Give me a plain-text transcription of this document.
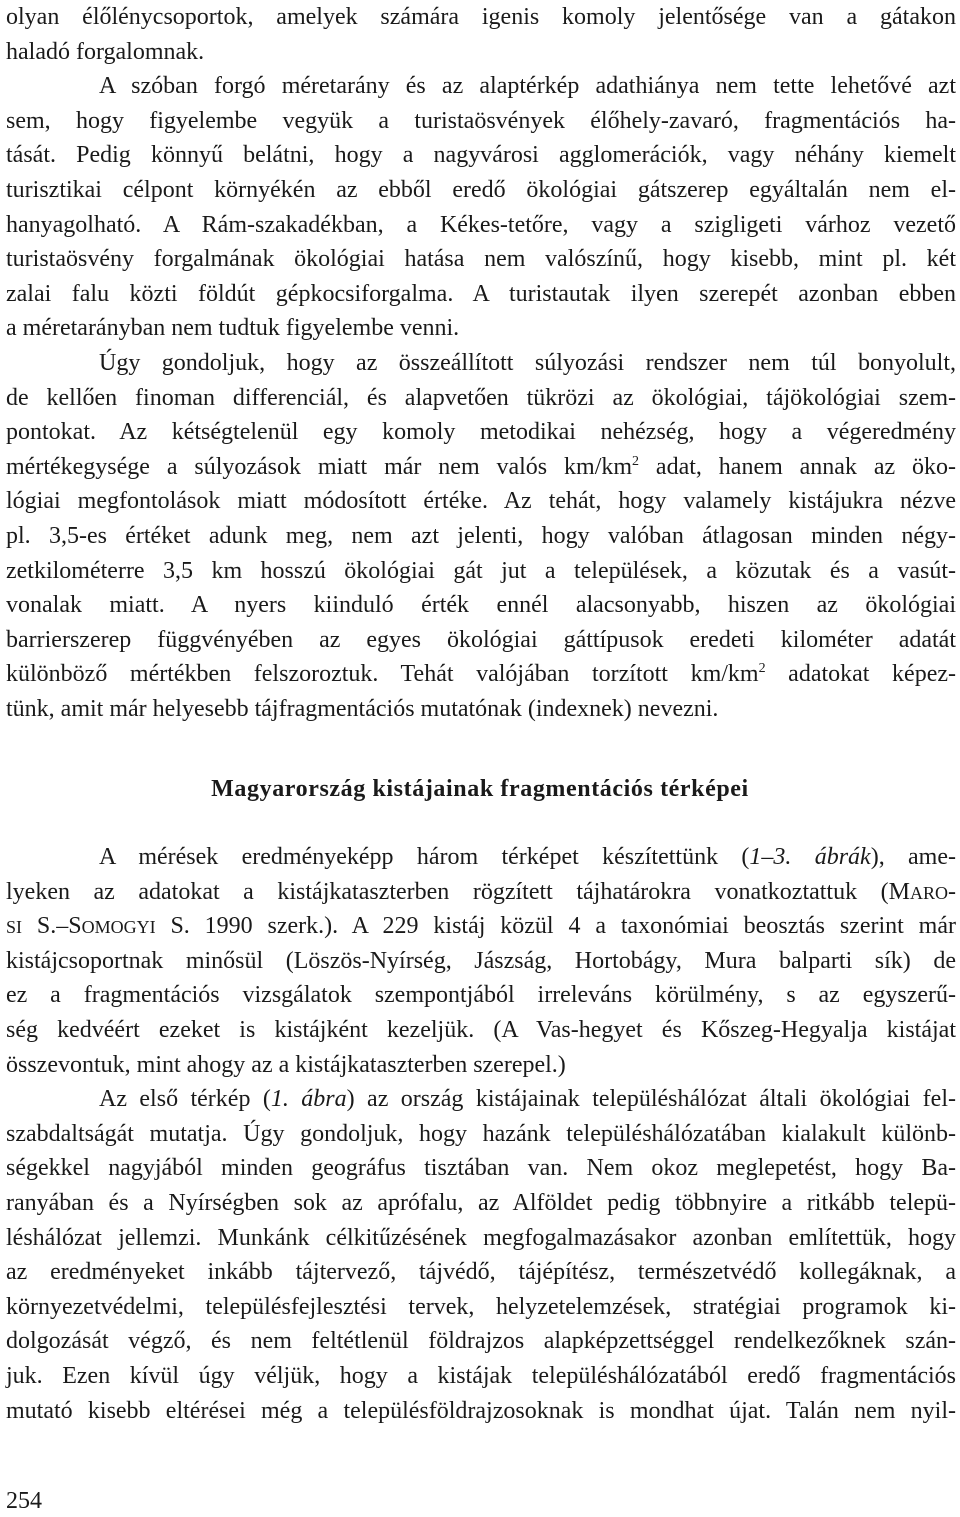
olyan élőlénycsoportok, amelyek számára igenis komoly jelentősége van a gátakon
haladó forgalomnak.
A szóban forgó méretarány és az alaptérkép adathiánya nem tette lehetővé azt
sem, hogy figyelembe vegyük a turistaösvények élőhely-zavaró, fragmentációs ha-
tását. Pedig könnyű belátni, hogy a nagyvárosi agglomerációk, vagy néhány kiemelt
turisztikai célpont környékén az ebből eredő ökológiai gátszerep egyáltalán nem el-
hanyagolható. A Rám-szakadékban, a Kékes-tetőre, vagy a szigligeti várhoz vezető
turistaösvény forgalmának ökológiai hatása nem valószínű, hogy kisebb, mint pl. két
zalai falu közti földút gépkocsiforgalma. A turistautak ilyen szerepét azonban ebben
a méretarányban nem tudtuk figyelembe venni.
Úgy gondoljuk, hogy az összeállított súlyozási rendszer nem túl bonyolult,
de kellően finoman differenciál, és alapvetően tükrözi az ökológiai, tájökológiai szem-
pontokat. Az kétségtelenül egy komoly metodikai nehézség, hogy a végeredmény
mértékegysége a súlyozások miatt már nem valós $km/km^2$ adat, hanem annak az öko-
lógiai megfontolások miatt módosított értéke. Az tehát, hogy valamely kistájukra nézve
pl. 3,5-es értéket adunk meg, nem azt jelenti, hogy valóban átlagosan minden négy-
zetkilométerre 3,5 km hosszú ökológiai gát jut a települések, a közutak és a vasút-
vonalak miatt. A nyers kiinduló érték ennél alacsonyabb, hiszen az ökológiai
barrierszerep függvényében az egyes ökológiai gáttípusok eredeti kilométer adatát
különböző mértékben felszoroztuk. Tehát valójában torzított $km/km^2$ adatokat képez-
tünk, amit már helyesebb tájfragmentációs mutatónak (indexnek) nevezni.
Magyarország kistájainak fragmentációs térképei
A mérések eredményeképp három térképet készítettünk (1–3. ábrák), ame-
lyeken az adatokat a kistájkataszterben rögzített tájhatárokra vonatkoztattuk (MARO-
SI S.–SOMOGYI S. 1990 szerk.). A 229 kistáj közül 4 a taxonómiai beosztás szerint már
kistájcsoportnak minősül (Löszös-Nyírség, Jászság, Hortobágy, Mura balparti sík) de
ez a fragmentációs vizsgálatok szempontjából irreleváns körülmény, s az egyszerű-
ség kedvéért ezeket is kistájként kezeljük. (A Vas-hegyet és Kőszeg-Hegyalja kistájat
összevontuk, mint ahogy az a kistájkataszterben szerepel.)
Az első térkép (1. ábra) az ország kistájainak településhálózat általi ökológiai fel-
szabdaltságát mutatja. Úgy gondoljuk, hogy hazánk településhálózatában kialakult különb-
ségekkel nagyjából minden geográfus tisztában van. Nem okoz meglepetést, hogy Ba-
ranyában és a Nyírségben sok az aprófalu, az Alföldet pedig többnyire a ritkább telepü-
léshálózat jellemzi. Munkánk célkitűzésének megfogalmazásakor azonban említettük, hogy
az eredményeket inkább tájtervező, tájvédő, tájépítész, természetvédő kollegáknak, a
környezetvédelmi, településfejlesztési tervek, helyzetelemzések, stratégiai programok ki-
dolgozását végző, és nem feltétlenül földrajzos alapképzettséggel rendelkezőknek szán-
juk. Ezen kívül úgy véljük, hogy a kistájak településhálózatából eredő fragmentációs
mutató kisebb eltérései még a településföldrajzosoknak is mondhat újat. Talán nem nyil-
254
